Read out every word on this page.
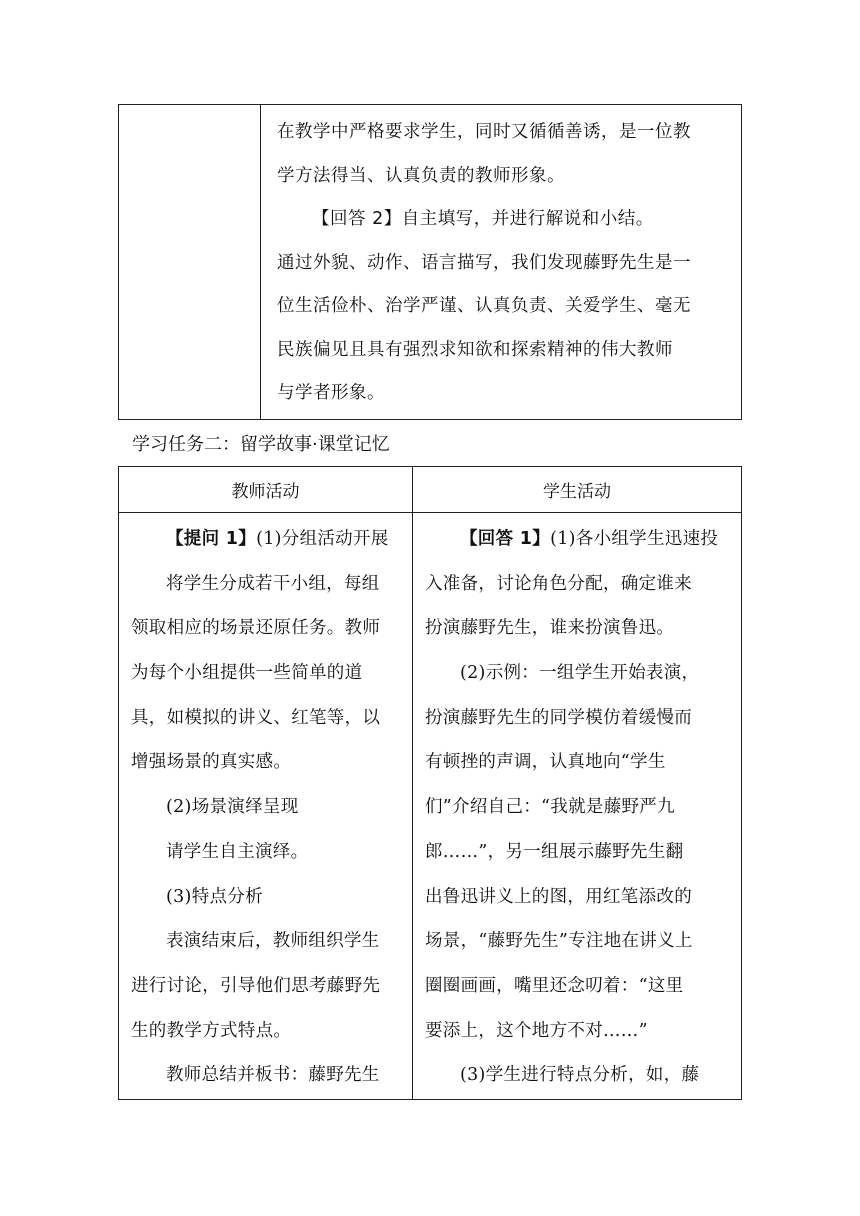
在教学中严格要求学生，同时又循循善诱，是一位教
学方法得当、认真负责的教师形象。
【回答 2】自主填写，并进行解说和小结。
通过外貌、动作、语言描写，我们发现藤野先生是一
位生活俭朴、治学严谨、认真负责、关爱学生、毫无
民族偏见且具有强烈求知欲和探索精神的伟大教师
与学者形象。
学习任务二：留学故事·课堂记忆
教师活动	学生活动
【提问 1】(1)分组活动开展
将学生分成若干小组，每组
领取相应的场景还原任务。教师
为每个小组提供一些简单的道
具，如模拟的讲义、红笔等，以
增强场景的真实感。
(2)场景演绎呈现
请学生自主演绎。
(3)特点分析
表演结束后，教师组织学生
进行讨论，引导他们思考藤野先
生的教学方式特点。
教师总结并板书：藤野先生
【回答 1】(1)各小组学生迅速投
入准备，讨论角色分配，确定谁来
扮演藤野先生，谁来扮演鲁迅。
(2)示例：一组学生开始表演，
扮演藤野先生的同学模仿着缓慢而
有顿挫的声调，认真地向“学生
们”介绍自己：“我就是藤野严九
郎……”，另一组展示藤野先生翻
出鲁迅讲义上的图，用红笔添改的
场景，“藤野先生”专注地在讲义上
圈圈画画，嘴里还念叨着：“这里
要添上，这个地方不对……”
(3)学生进行特点分析，如，藤
